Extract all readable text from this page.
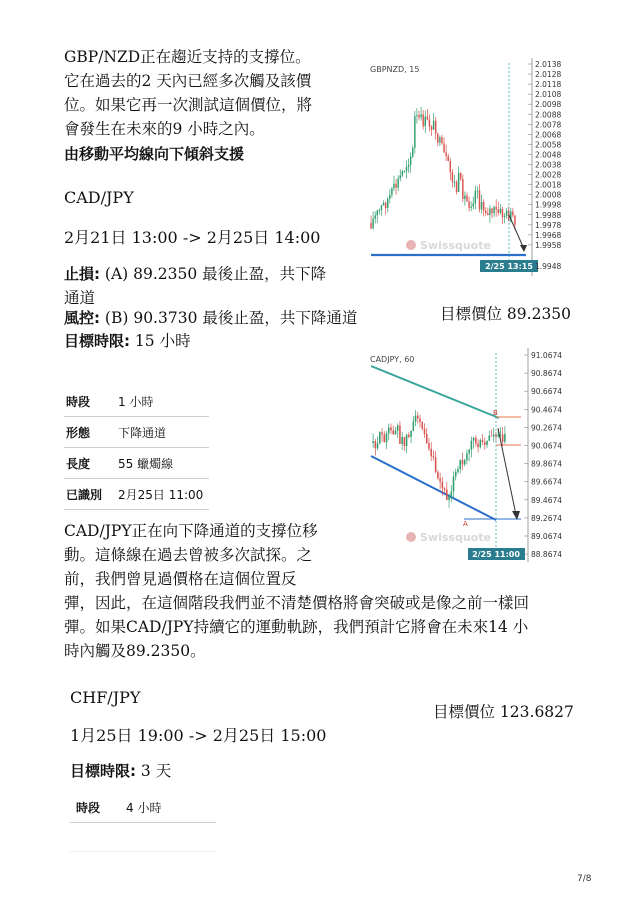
GBP/NZD正在趨近支持的支撐位。
它在過去的2 天內已經多次觸及該價
位。如果它再一次測試這個價位，將
會發生在未來的9 小時之內。
由移動平均線向下傾斜支援
2.0138
2.0128
2.0118
2.0108
2.0098
2.0088
2.0078
2.0068
2.0058
2.0048
2.0038
2.0028
2.0018
2.0008
1.9998
1.9988
1.9978
1.9968
1.9958
GBPNZD, 15
Swissquote
2/25 13:15 1.9948
CAD/JPY
2月21日 13:00 -> 2月25日 14:00
止損: (A) 89.2350 最後止盈，共下降
通道
風控: (B) 90.3730 最後止盈，共下降通道
目標時限: 15 小時
目標價位 89.2350
時段	1 小時
形態	下降通道
長度	55 蠟燭線
已識別	2月25日 11:00
91.0674
90.8674
90.6674
90.4674
90.2674
90.0674
89.8674
89.6674
89.4674
89.2674
89.0674
88.8674
CADJPY, 60
A
B
Swissquote
2/25 11:00
CAD/JPY正在向下降通道的支撐位移
動。這條線在過去曾被多次試探。之
前，我們曾見過價格在這個位置反
彈，因此，在這個階段我們並不清楚價格將會突破或是像之前一樣回
彈。如果CAD/JPY持續它的運動軌跡，我們預計它將會在未來14 小
時內觸及89.2350。
CHF/JPY
目標價位 123.6827
1月25日 19:00 -> 2月25日 15:00
目標時限: 3 天
時段	4 小時
7/8
